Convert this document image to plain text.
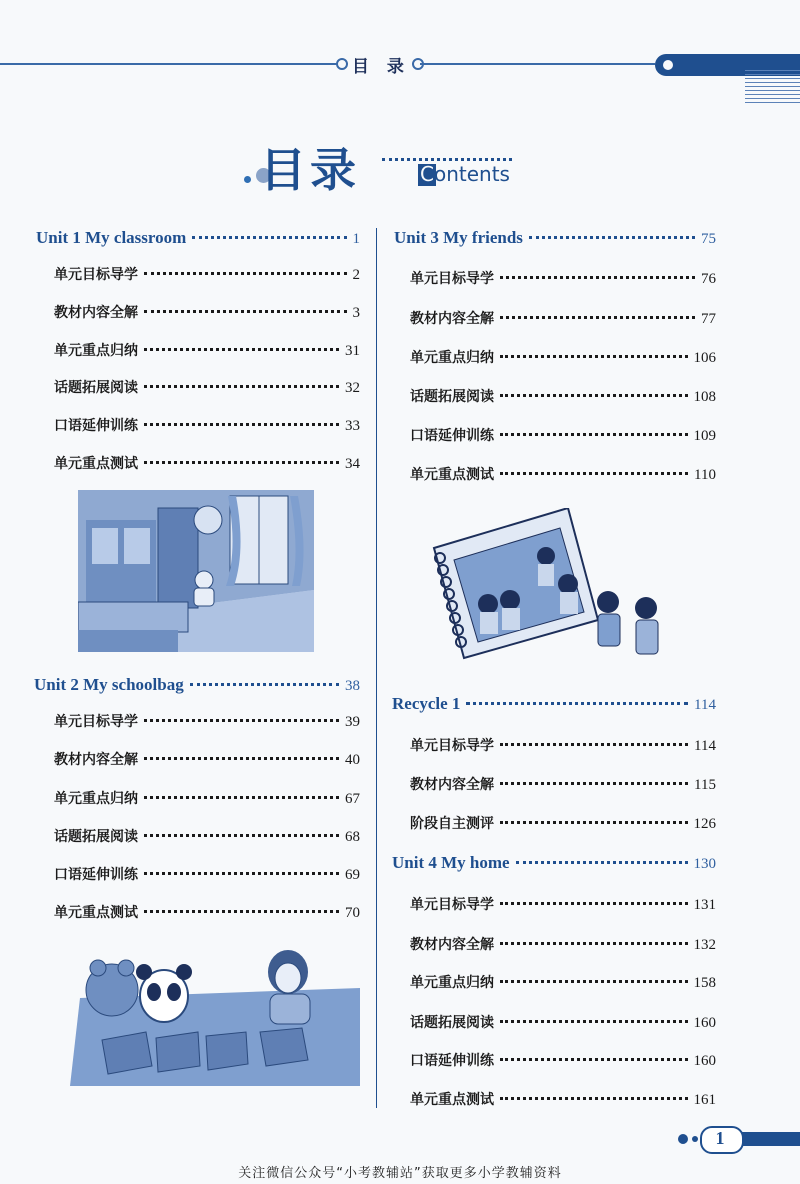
目 录
目录	Contents
Unit 1 My classroom	1
单元目标导学	2
教材内容全解	3
单元重点归纳	31
话题拓展阅读	32
口语延伸训练	33
单元重点测试	34
Unit 2 My schoolbag	38
单元目标导学	39
教材内容全解	40
单元重点归纳	67
话题拓展阅读	68
口语延伸训练	69
单元重点测试	70
Unit 3 My friends	75
单元目标导学	76
教材内容全解	77
单元重点归纳	106
话题拓展阅读	108
口语延伸训练	109
单元重点测试	110
Recycle 1	114
单元目标导学	114
教材内容全解	115
阶段自主测评	126
Unit 4 My home	130
单元目标导学	131
教材内容全解	132
单元重点归纳	158
话题拓展阅读	160
口语延伸训练	160
单元重点测试	161
1
关注微信公众号“小考教辅站”获取更多小学教辅资料
